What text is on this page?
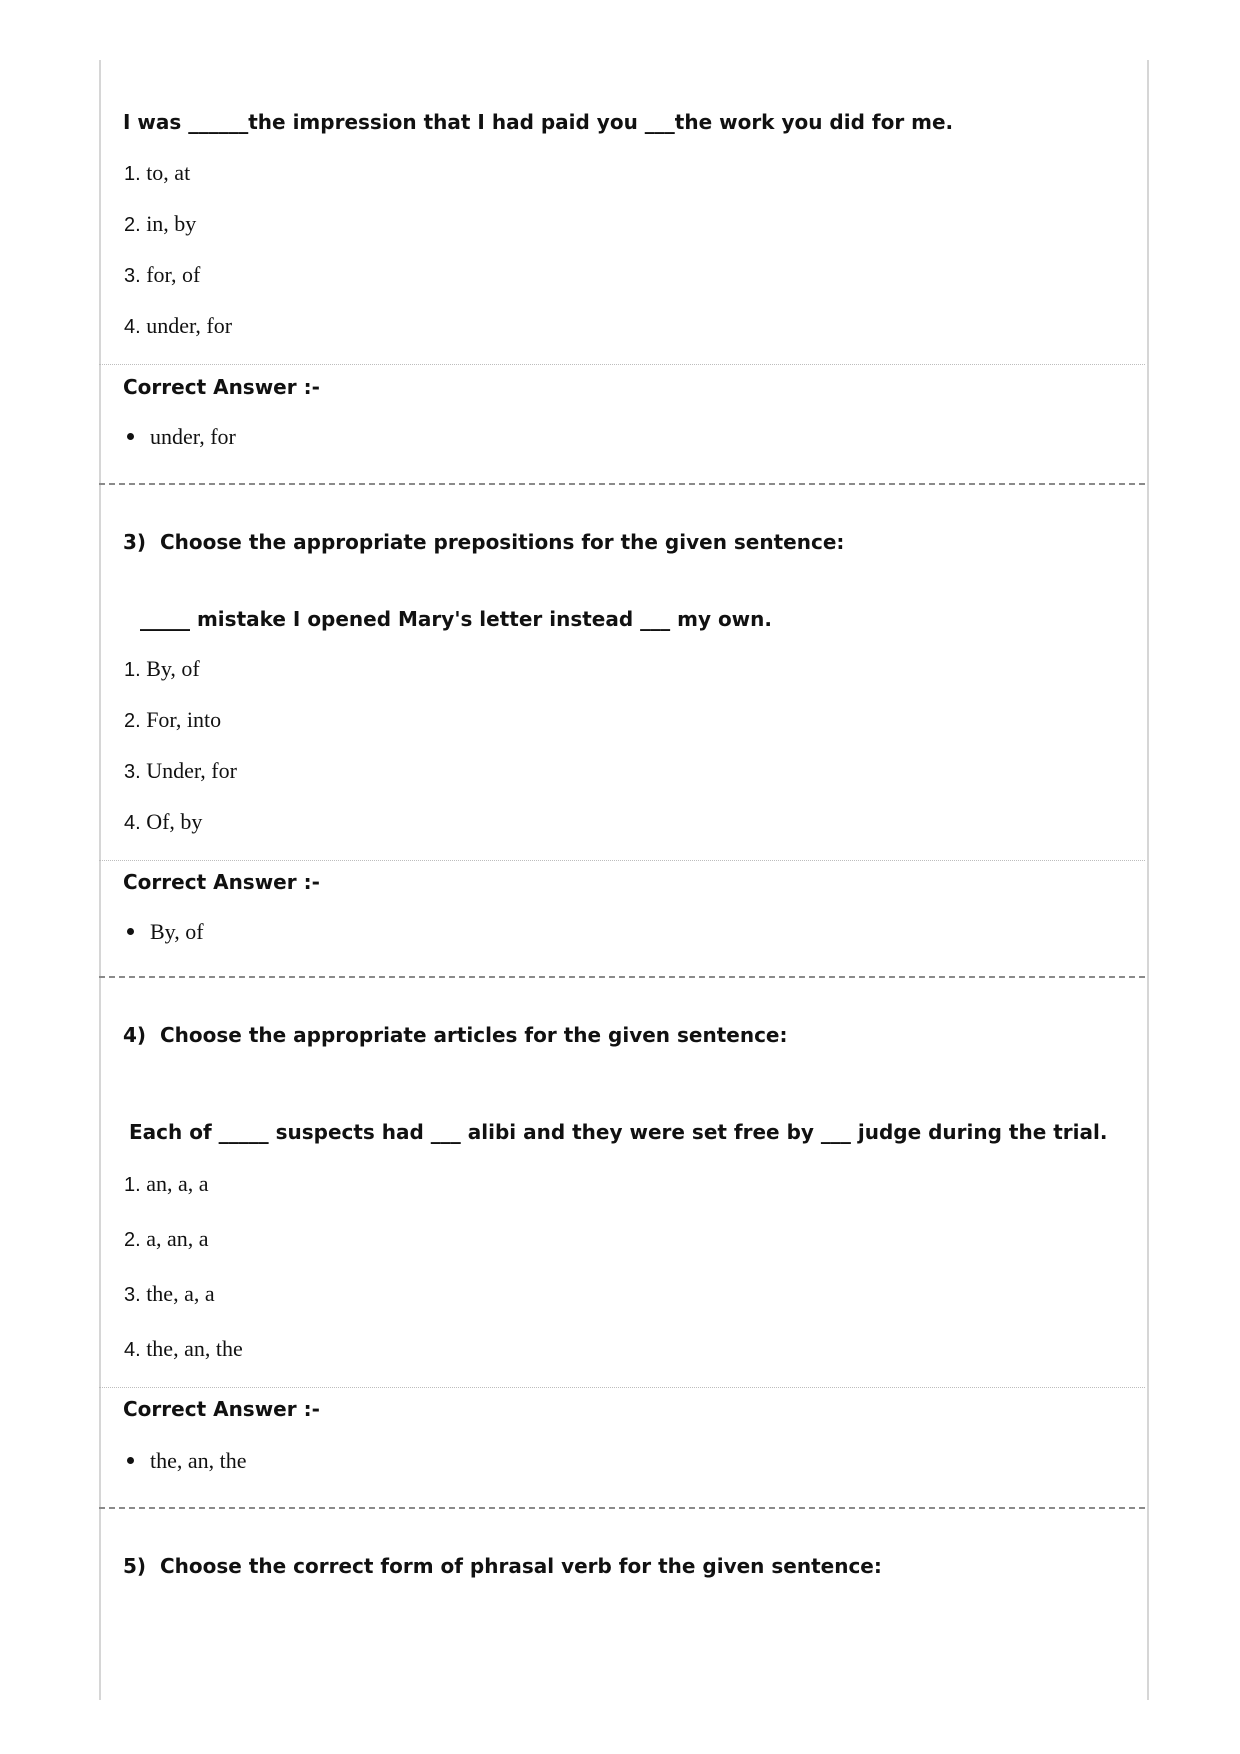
I was ______the impression that I had paid you ___the work you did for me.
1. to, at
2. in, by
3. for, of
4. under, for
Correct Answer :-
under, for
3) Choose the appropriate prepositions for the given sentence:
_____ mistake I opened Mary's letter instead ___ my own.
1. By, of
2. For, into
3. Under, for
4. Of, by
Correct Answer :-
By, of
4) Choose the appropriate articles for the given sentence:
Each of _____ suspects had ___ alibi and they were set free by ___ judge during the trial.
1. an, a, a
2. a, an, a
3. the, a, a
4. the, an, the
Correct Answer :-
the, an, the
5) Choose the correct form of phrasal verb for the given sentence:
